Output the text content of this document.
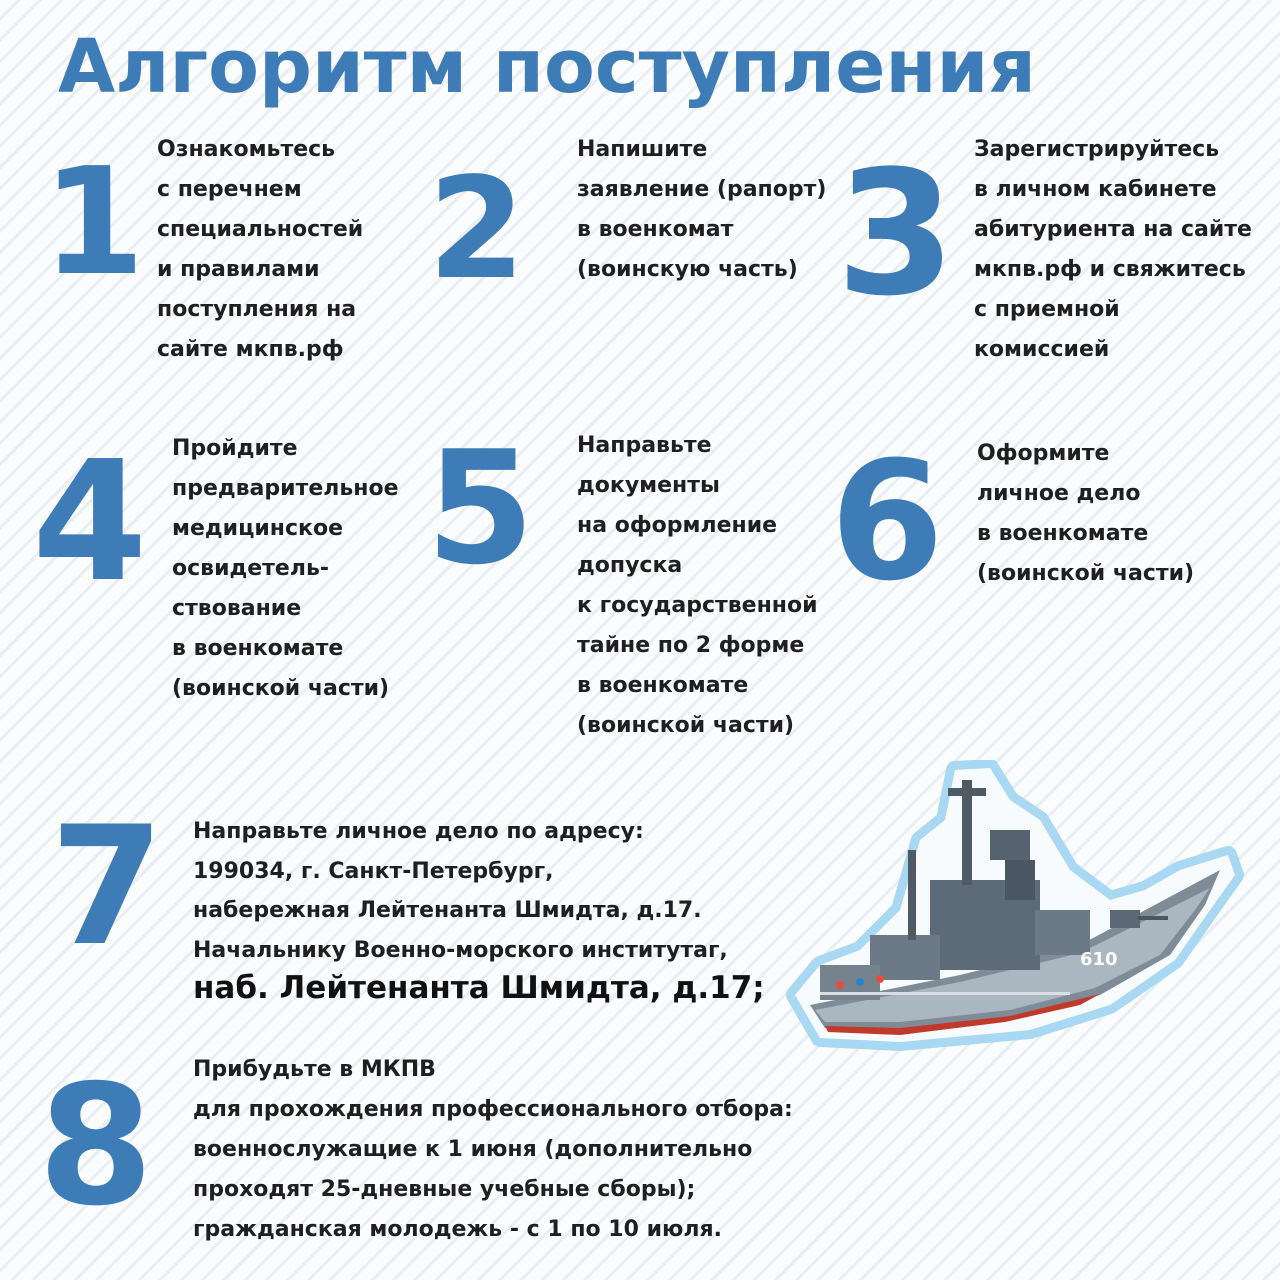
Алгоритм поступления
1 Ознакомьтесь
с перечнем
специальностей
и правилами
поступления на
сайте мкпв.рф
2 Напишите
заявление (рапорт)
в военкомат
(воинскую часть) 3 Зарегистрируйтесь
в личном кабинете
абитуриента на сайте
мкпв.рф и свяжитесь
с приемной
комиссией
4 Пройдите
предварительное
медицинское
освидетель-
ствование
в военкомате
(воинской части)
5 Направьте
документы
на оформление
допуска
к государственной
тайне по 2 форме
в военкомате
(воинской части)
6 Оформите
личное дело
в военкомате
(воинской части)
7 Направьте личное дело по адресу:
199034, г. Санкт-Петербург,
набережная Лейтенанта Шмидта, д.17.
Начальнику Военно-морского институтаг,
наб. Лейтенанта Шмидта, д.17;
8 Прибудьте в МКПВ
для прохождения профессионального отбора:
военнослужащие к 1 июня (дополнительно
проходят 25-дневные учебные сборы);
гражданская молодежь - с 1 по 10 июля.
610
